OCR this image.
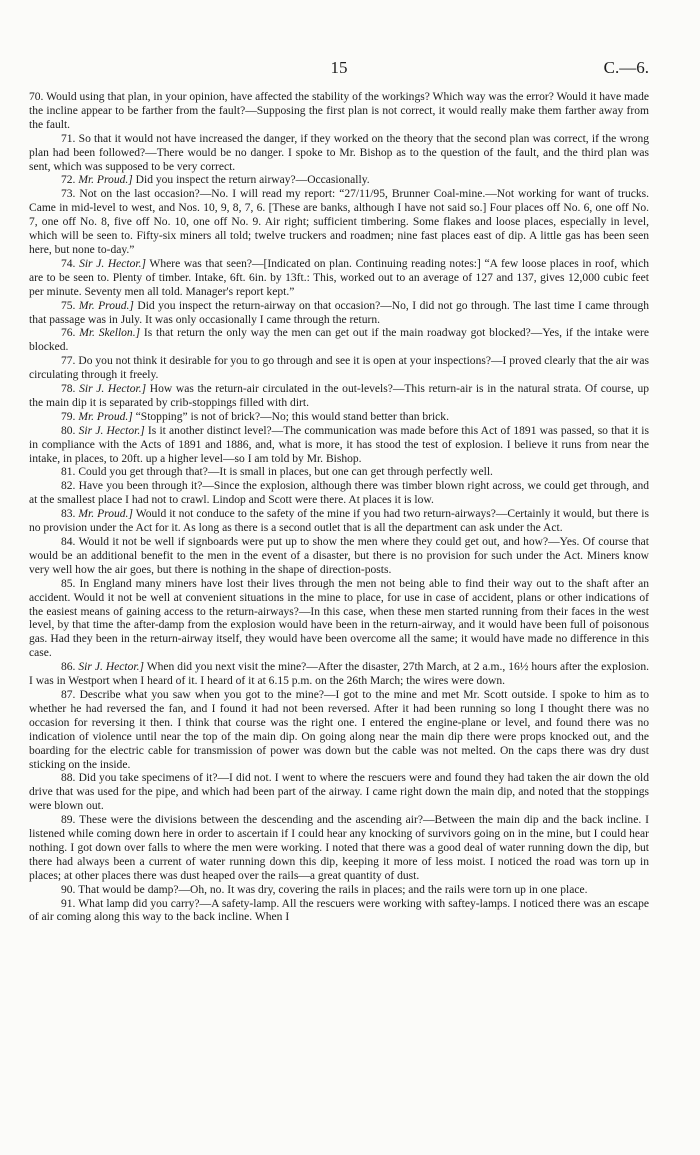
15	C.—6.

70. Would using that plan, in your opinion, have affected the stability of the workings? Which way was the error? Would it have made the incline appear to be farther from the fault?—Supposing the first plan is not correct, it would really make them farther away from the fault.

71. So that it would not have increased the danger, if they worked on the theory that the second plan was correct, if the wrong plan had been followed?—There would be no danger. I spoke to Mr. Bishop as to the question of the fault, and the third plan was sent, which was supposed to be very correct.

72. Mr. Proud.] Did you inspect the return airway?—Occasionally.

73. Not on the last occasion?—No. I will read my report: “27/11/95, Brunner Coal-mine.—Not working for want of trucks. Came in mid-level to west, and Nos. 10, 9, 8, 7, 6. [These are banks, although I have not said so.] Four places off No. 6, one off No. 7, one off No. 8, five off No. 10, one off No. 9. Air right; sufficient timbering. Some flakes and loose places, especially in level, which will be seen to. Fifty-six miners all told; twelve truckers and roadmen; nine fast places east of dip. A little gas has been seen here, but none to-day.”

74. Sir J. Hector.] Where was that seen?—[Indicated on plan. Continuing reading notes:] “A few loose places in roof, which are to be seen to. Plenty of timber. Intake, 6ft. 6in. by 13ft.: This, worked out to an average of 127 and 137, gives 12,000 cubic feet per minute. Seventy men all told. Manager's report kept.”

75. Mr. Proud.] Did you inspect the return-airway on that occasion?—No, I did not go through. The last time I came through that passage was in July. It was only occasionally I came through the return.

76. Mr. Skellon.] Is that return the only way the men can get out if the main roadway got blocked?—Yes, if the intake were blocked.

77. Do you not think it desirable for you to go through and see it is open at your inspections?—I proved clearly that the air was circulating through it freely.

78. Sir J. Hector.] How was the return-air circulated in the out-levels?—This return-air is in the natural strata. Of course, up the main dip it is separated by crib-stoppings filled with dirt.

79. Mr. Proud.] “Stopping” is not of brick?—No; this would stand better than brick.

80. Sir J. Hector.] Is it another distinct level?—The communication was made before this Act of 1891 was passed, so that it is in compliance with the Acts of 1891 and 1886, and, what is more, it has stood the test of explosion. I believe it runs from near the intake, in places, to 20ft. up a higher level—so I am told by Mr. Bishop.

81. Could you get through that?—It is small in places, but one can get through perfectly well.

82. Have you been through it?—Since the explosion, although there was timber blown right across, we could get through, and at the smallest place I had not to crawl. Lindop and Scott were there. At places it is low.

83. Mr. Proud.] Would it not conduce to the safety of the mine if you had two return-airways?—Certainly it would, but there is no provision under the Act for it. As long as there is a second outlet that is all the department can ask under the Act.

84. Would it not be well if signboards were put up to show the men where they could get out, and how?—Yes. Of course that would be an additional benefit to the men in the event of a disaster, but there is no provision for such under the Act. Miners know very well how the air goes, but there is nothing in the shape of direction-posts.

85. In England many miners have lost their lives through the men not being able to find their way out to the shaft after an accident. Would it not be well at convenient situations in the mine to place, for use in case of accident, plans or other indications of the easiest means of gaining access to the return-airways?—In this case, when these men started running from their faces in the west level, by that time the after-damp from the explosion would have been in the return-airway, and it would have been full of poisonous gas. Had they been in the return-airway itself, they would have been overcome all the same; it would have made no difference in this case.

86. Sir J. Hector.] When did you next visit the mine?—After the disaster, 27th March, at 2 a.m., 16½ hours after the explosion. I was in Westport when I heard of it. I heard of it at 6.15 p.m. on the 26th March; the wires were down.

87. Describe what you saw when you got to the mine?—I got to the mine and met Mr. Scott outside. I spoke to him as to whether he had reversed the fan, and I found it had not been reversed. After it had been running so long I thought there was no occasion for reversing it then. I think that course was the right one. I entered the engine-plane or level, and found there was no indication of violence until near the top of the main dip. On going along near the main dip there were props knocked out, and the boarding for the electric cable for transmission of power was down but the cable was not melted. On the caps there was dry dust sticking on the inside.

88. Did you take specimens of it?—I did not. I went to where the rescuers were and found they had taken the air down the old drive that was used for the pipe, and which had been part of the airway. I came right down the main dip, and noted that the stoppings were blown out.

89. These were the divisions between the descending and the ascending air?—Between the main dip and the back incline. I listened while coming down here in order to ascertain if I could hear any knocking of survivors going on in the mine, but I could hear nothing. I got down over falls to where the men were working. I noted that there was a good deal of water running down the dip, but there had always been a current of water running down this dip, keeping it more of less moist. I noticed the road was torn up in places; at other places there was dust heaped over the rails—a great quantity of dust.

90. That would be damp?—Oh, no. It was dry, covering the rails in places; and the rails were torn up in one place.

91. What lamp did you carry?—A safety-lamp. All the rescuers were working with saftey-lamps. I noticed there was an escape of air coming along this way to the back incline. When I
